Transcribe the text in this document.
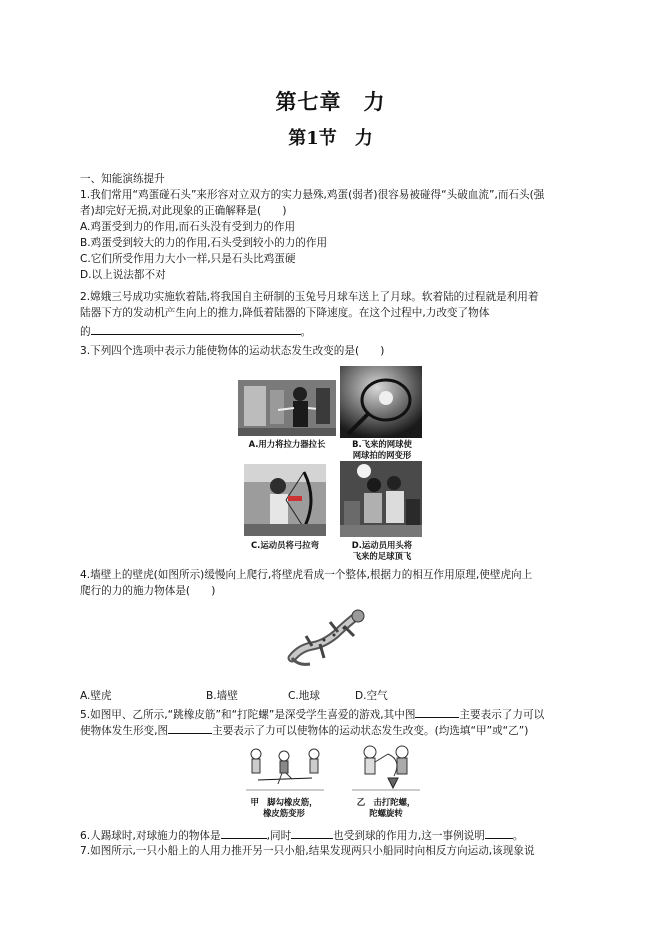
第七章　力
第1节　力
一、知能演练提升
1.我们常用“鸡蛋碰石头”来形容对立双方的实力悬殊,鸡蛋(弱者)很容易被碰得“头破血流”,而石头(强
者)却完好无损,对此现象的正确解释是(　　)
A.鸡蛋受到力的作用,而石头没有受到力的作用
B.鸡蛋受到较大的力的作用,石头受到较小的力的作用
C.它们所受作用力大小一样,只是石头比鸡蛋硬
D.以上说法都不对
2.嫦娥三号成功实施软着陆,将我国自主研制的玉兔号月球车送上了月球。软着陆的过程就是利用着
陆器下方的发动机产生向上的推力,降低着陆器的下降速度。在这个过程中,力改变了物体
的	。
3.下列四个选项中表示力能使物体的运动状态发生改变的是(　　)
A.用力将拉力器拉长	B.飞来的网球使
网球拍的网变形
C.运动员将弓拉弯	D.运动员用头将
飞来的足球顶飞
4.墙壁上的壁虎(如图所示)缓慢向上爬行,将壁虎看成一个整体,根据力的相互作用原理,使壁虎向上
爬行的力的施力物体是(　　)
A.壁虎	B.墙壁	C.地球	D.空气
5.如图甲、乙所示,“跳橡皮筋”和“打陀螺”是深受学生喜爱的游戏,其中图	主要表示了力可以
使物体发生形变,图	主要表示了力可以使物体的运动状态发生改变。(均选填“甲”或“乙”)
甲　脚勾橡皮筋，
橡皮筋变形
乙　击打陀螺，
陀螺旋转
6.人踢球时,对球施力的物体是	,同时	也受到球的作用力,这一事例说明	。
7.如图所示,一只小船上的人用力推开另一只小船,结果发现两只小船同时向相反方向运动,该现象说
